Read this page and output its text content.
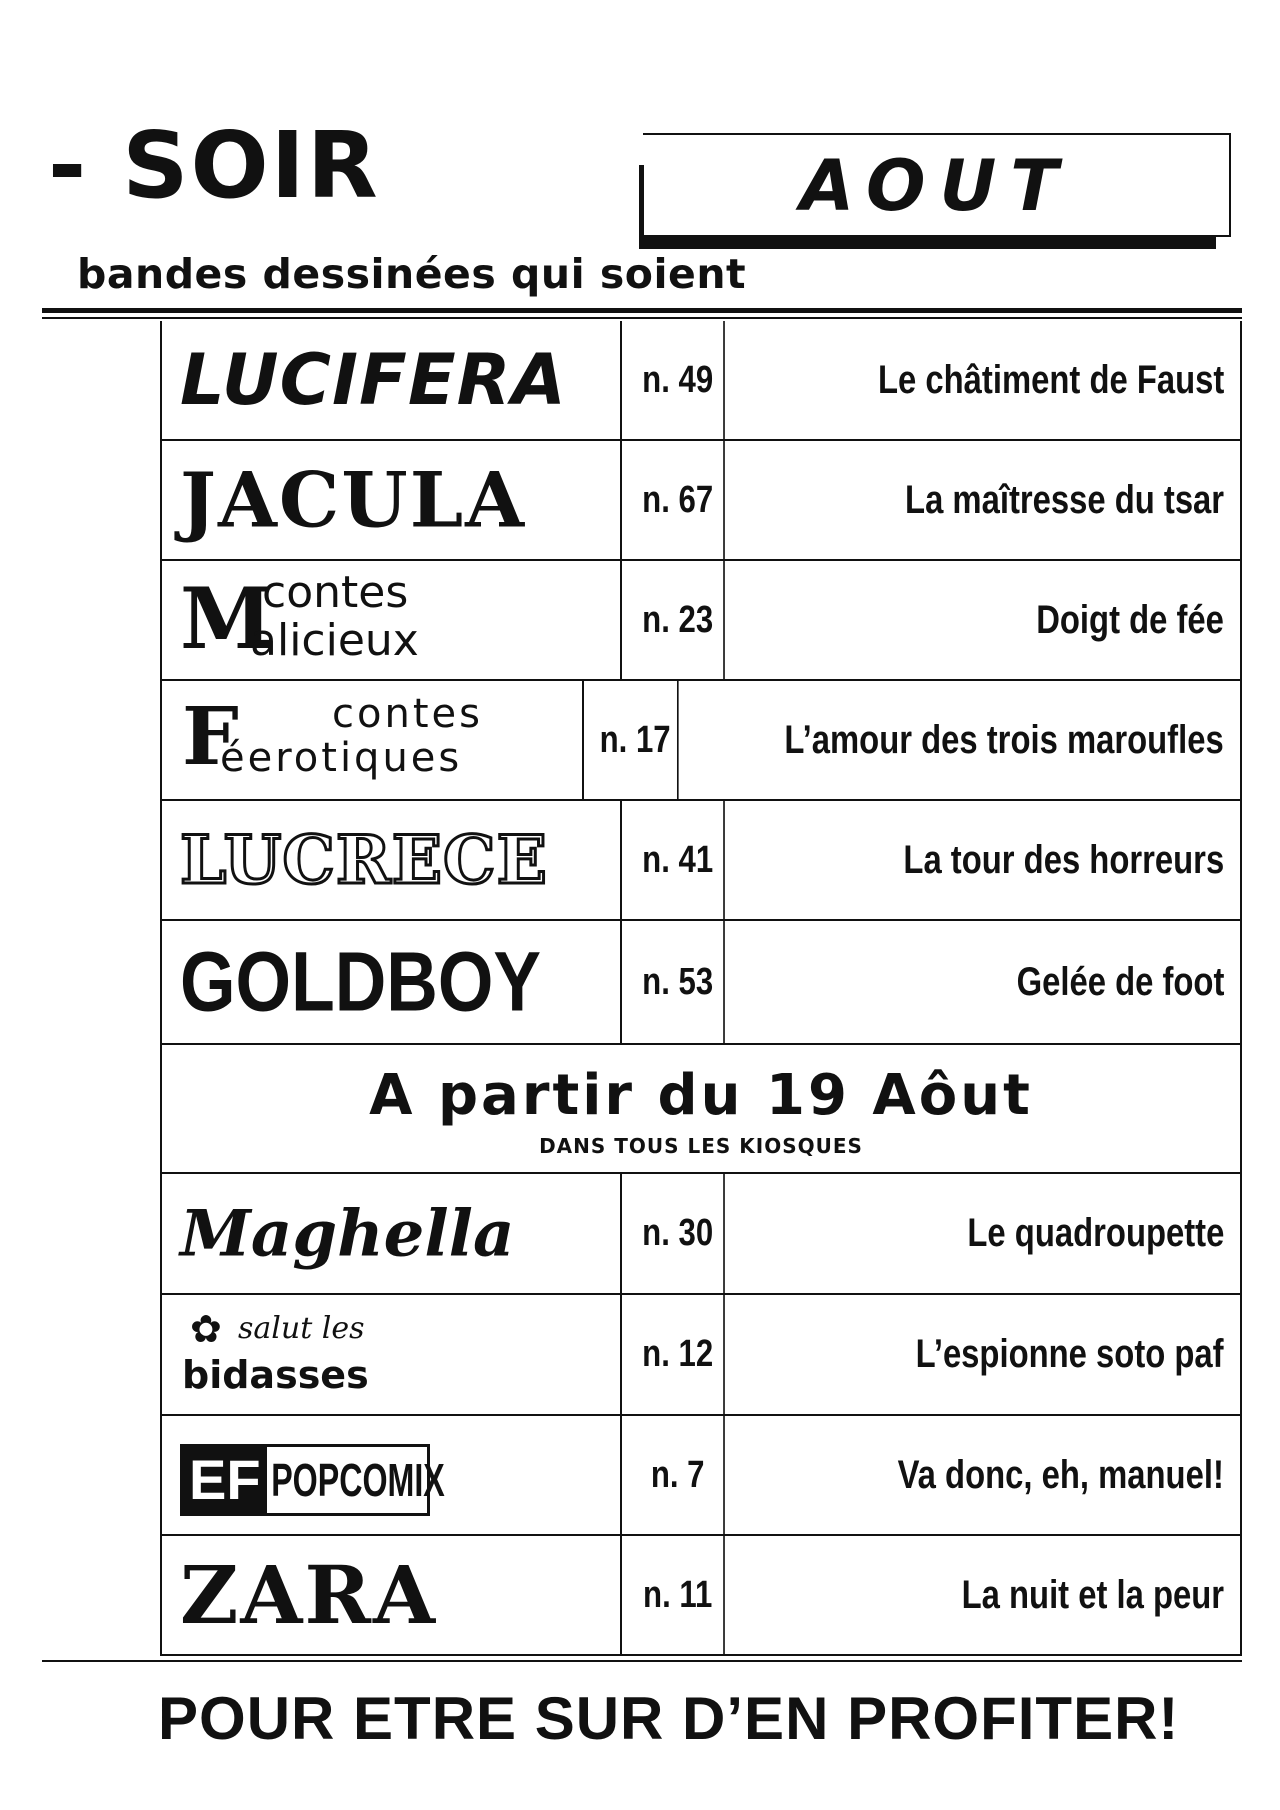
- SOIR	AOUT
bandes dessinées qui soient
LUCIFERA n. 49	Le châtiment de Faust
JACULA	n. 67	La maîtresse du tsar
M
contes
alicieux	n. 23	Doigt de fée
F contes
éerotiques	n. 17	L’amour des trois maroufles
LUCRECE n. 41	La tour des horreurs
GOLDBOY	n. 53	Gelée de foot
A partir du 19 Aôut
DANS TOUS LES KIOSQUES
Maghella	n. 30	Le quadroupette
✿ salut les
bidasses	n. 12	L’espionne soto paf
EF POPCOMIX	n. 7	Va donc, eh, manuel!
ZARA	n. 11	La nuit et la peur
POUR ETRE SUR D’EN PROFITER!
